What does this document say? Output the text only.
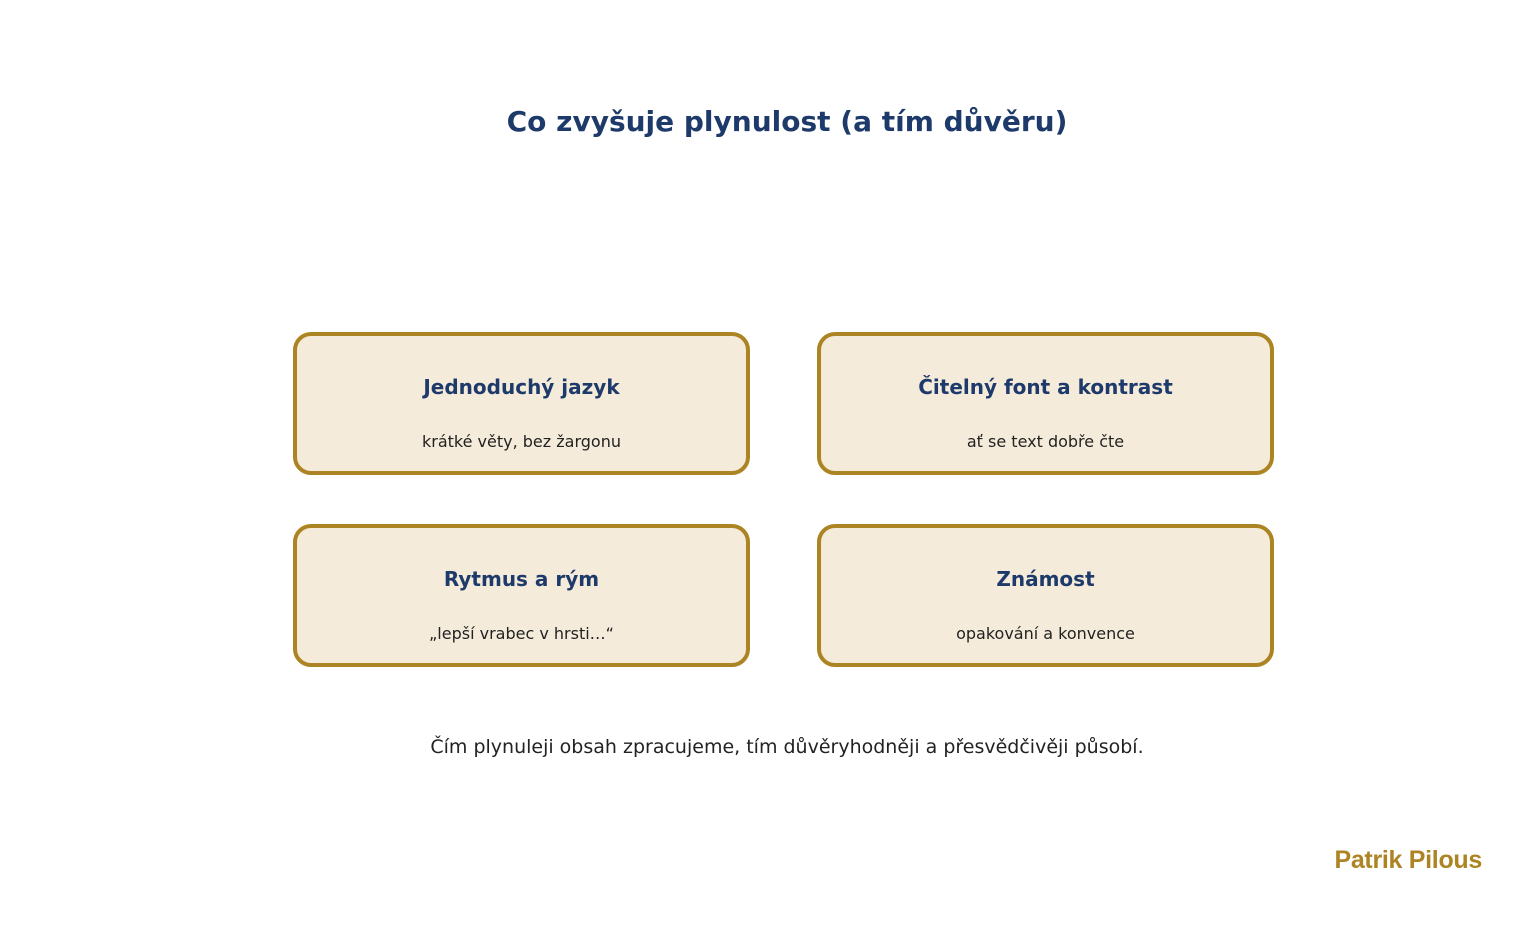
Co zvyšuje plynulost (a tím důvěru)
Jednoduchý jazyk
krátké věty, bez žargonu
Čitelný font a kontrast
ať se text dobře čte
Rytmus a rým
„lepší vrabec v hrsti…“
Známost
opakování a konvence
Čím plynuleji obsah zpracujeme, tím důvěryhodněji a přesvědčivěji působí.
Patrik Pilous
